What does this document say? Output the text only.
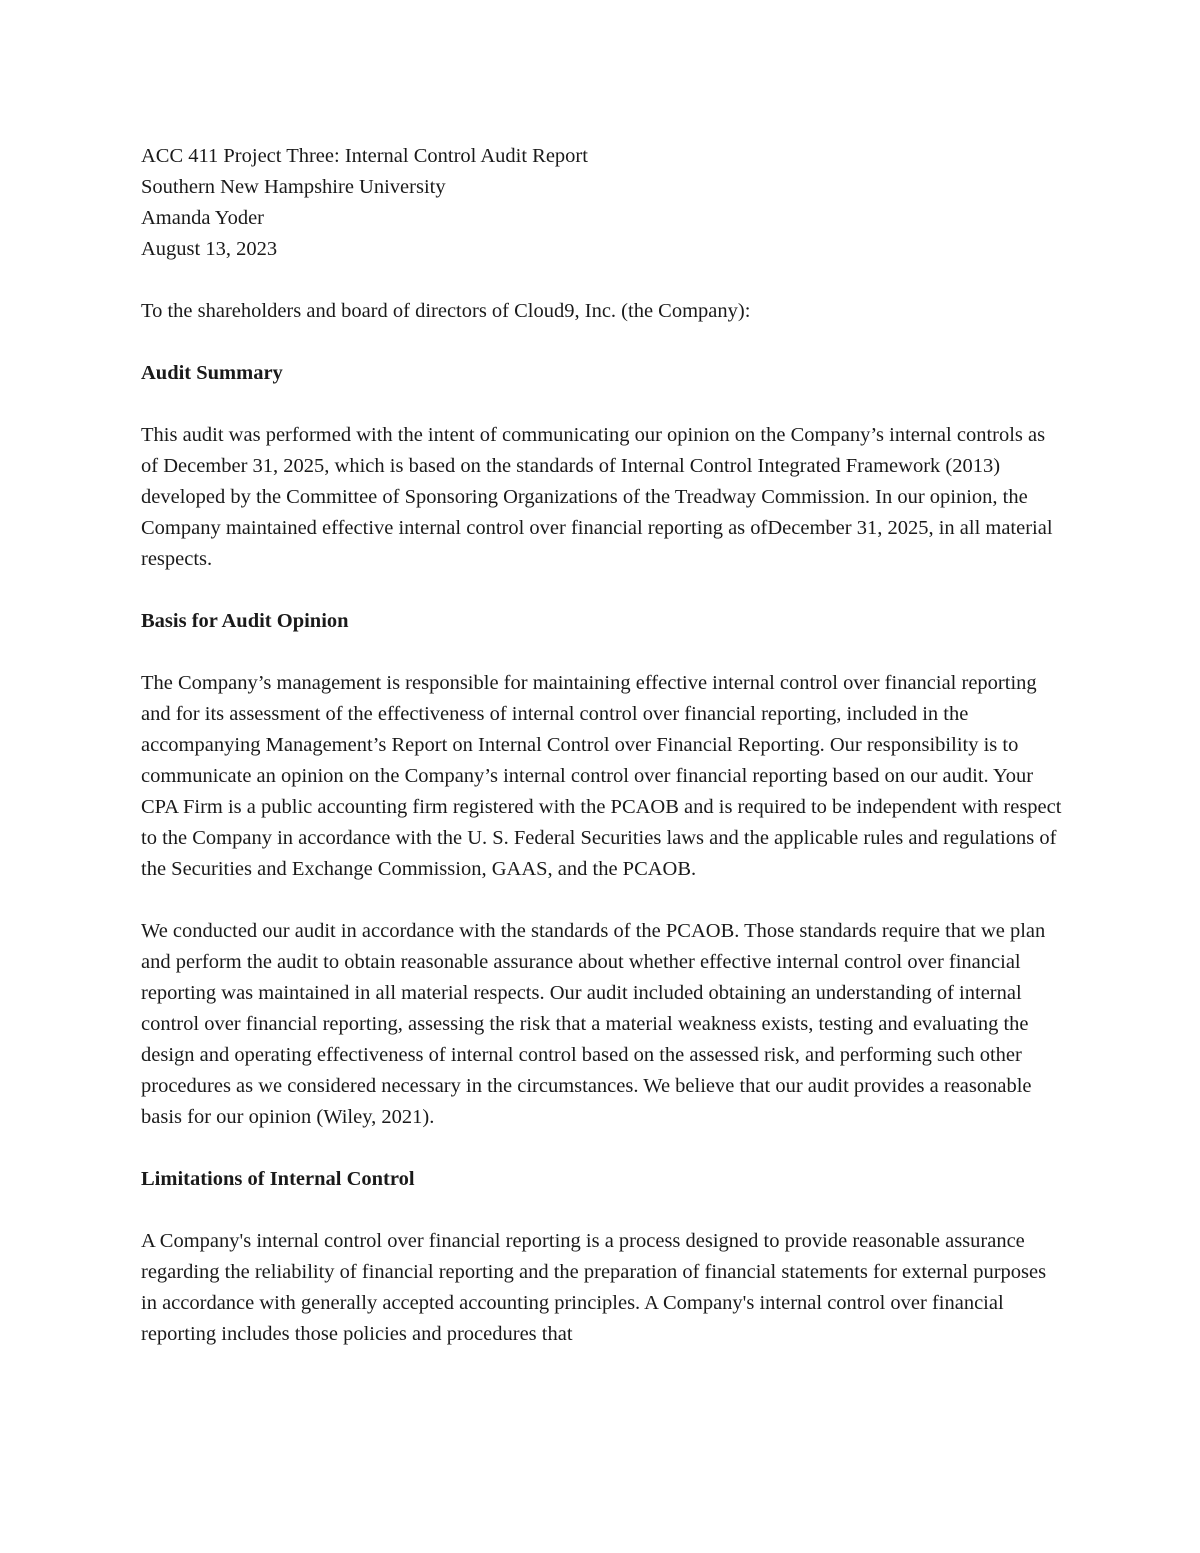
ACC 411 Project Three: Internal Control Audit Report
Southern New Hampshire University
Amanda Yoder
August 13, 2023

To the shareholders and board of directors of Cloud9, Inc. (the Company):

Audit Summary

This audit was performed with the intent of communicating our opinion on the Company’s internal controls as of December 31, 2025, which is based on the standards of Internal Control Integrated Framework (2013) developed by the Committee of Sponsoring Organizations of the Treadway Commission. In our opinion, the Company maintained effective internal control over financial reporting as ofDecember 31, 2025, in all material respects.

Basis for Audit Opinion

The Company’s management is responsible for maintaining effective internal control over financial reporting and for its assessment of the effectiveness of internal control over financial reporting, included in the accompanying Management’s Report on Internal Control over Financial Reporting. Our responsibility is to communicate an opinion on the Company’s internal control over financial reporting based on our audit. Your CPA Firm is a public accounting firm registered with the PCAOB and is required to be independent with respect to the Company in accordance with the U. S. Federal Securities laws and the applicable rules and regulations of the Securities and Exchange Commission, GAAS, and the PCAOB.

We conducted our audit in accordance with the standards of the PCAOB. Those standards require that we plan and perform the audit to obtain reasonable assurance about whether effective internal control over financial reporting was maintained in all material respects. Our audit included obtaining an understanding of internal control over financial reporting, assessing the risk that a material weakness exists, testing and evaluating the design and operating effectiveness of internal control based on the assessed risk, and performing such other procedures as we considered necessary in the circumstances. We believe that our audit provides a reasonable basis for our opinion (Wiley, 2021).

Limitations of Internal Control

A Company's internal control over financial reporting is a process designed to provide reasonable assurance regarding the reliability of financial reporting and the preparation of financial statements for external purposes in accordance with generally accepted accounting principles. A Company's internal control over financial reporting includes those policies and procedures that
